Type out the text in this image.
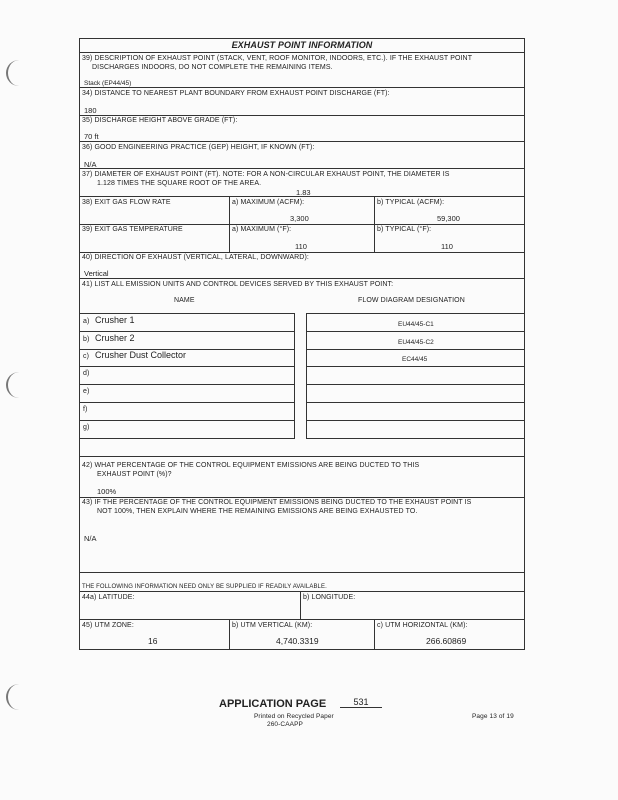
EXHAUST POINT INFORMATION
39) DESCRIPTION OF EXHAUST POINT (STACK, VENT, ROOF MONITOR, INDOORS, ETC.). IF THE EXHAUST POINT
DISCHARGES INDOORS, DO NOT COMPLETE THE REMAINING ITEMS.
Stack (EP44/45)
34) DISTANCE TO NEAREST PLANT BOUNDARY FROM EXHAUST POINT DISCHARGE (FT):
180
35) DISCHARGE HEIGHT ABOVE GRADE (FT):
70 ft
36) GOOD ENGINEERING PRACTICE (GEP) HEIGHT, IF KNOWN (FT):
N/A
37) DIAMETER OF EXHAUST POINT (FT). NOTE: FOR A NON-CIRCULAR EXHAUST POINT, THE DIAMETER IS
1.128 TIMES THE SQUARE ROOT OF THE AREA.
1.83
38) EXIT GAS FLOW RATE	a) MAXIMUM (ACFM):
3,300
b) TYPICAL (ACFM):
59,300
39) EXIT GAS TEMPERATURE	a) MAXIMUM (°F):
110
b) TYPICAL (°F):
110
40) DIRECTION OF EXHAUST (VERTICAL, LATERAL, DOWNWARD):
Vertical
41) LIST ALL EMISSION UNITS AND CONTROL DEVICES SERVED BY THIS EXHAUST POINT:
NAME	FLOW DIAGRAM DESIGNATION
a) Crusher 1	EU44/45-C1
b) Crusher 2	EU44/45-C2
c) Crusher Dust Collector	EC44/45
d)
e)
f)
g)
42) WHAT PERCENTAGE OF THE CONTROL EQUIPMENT EMISSIONS ARE BEING DUCTED TO THIS
EXHAUST POINT (%)?
100%
43) IF THE PERCENTAGE OF THE CONTROL EQUIPMENT EMISSIONS BEING DUCTED TO THE EXHAUST POINT IS
NOT 100%, THEN EXPLAIN WHERE THE REMAINING EMISSIONS ARE BEING EXHAUSTED TO.
N/A
THE FOLLOWING INFORMATION NEED ONLY BE SUPPLIED IF READILY AVAILABLE.
44a) LATITUDE:	b) LONGITUDE:
45) UTM ZONE:
16
b) UTM VERTICAL (KM):
4,740.3319
c) UTM HORIZONTAL (KM):
266.60869
APPLICATION PAGE	531
Printed on Recycled Paper
260-CAAPP
Page 13 of 19
